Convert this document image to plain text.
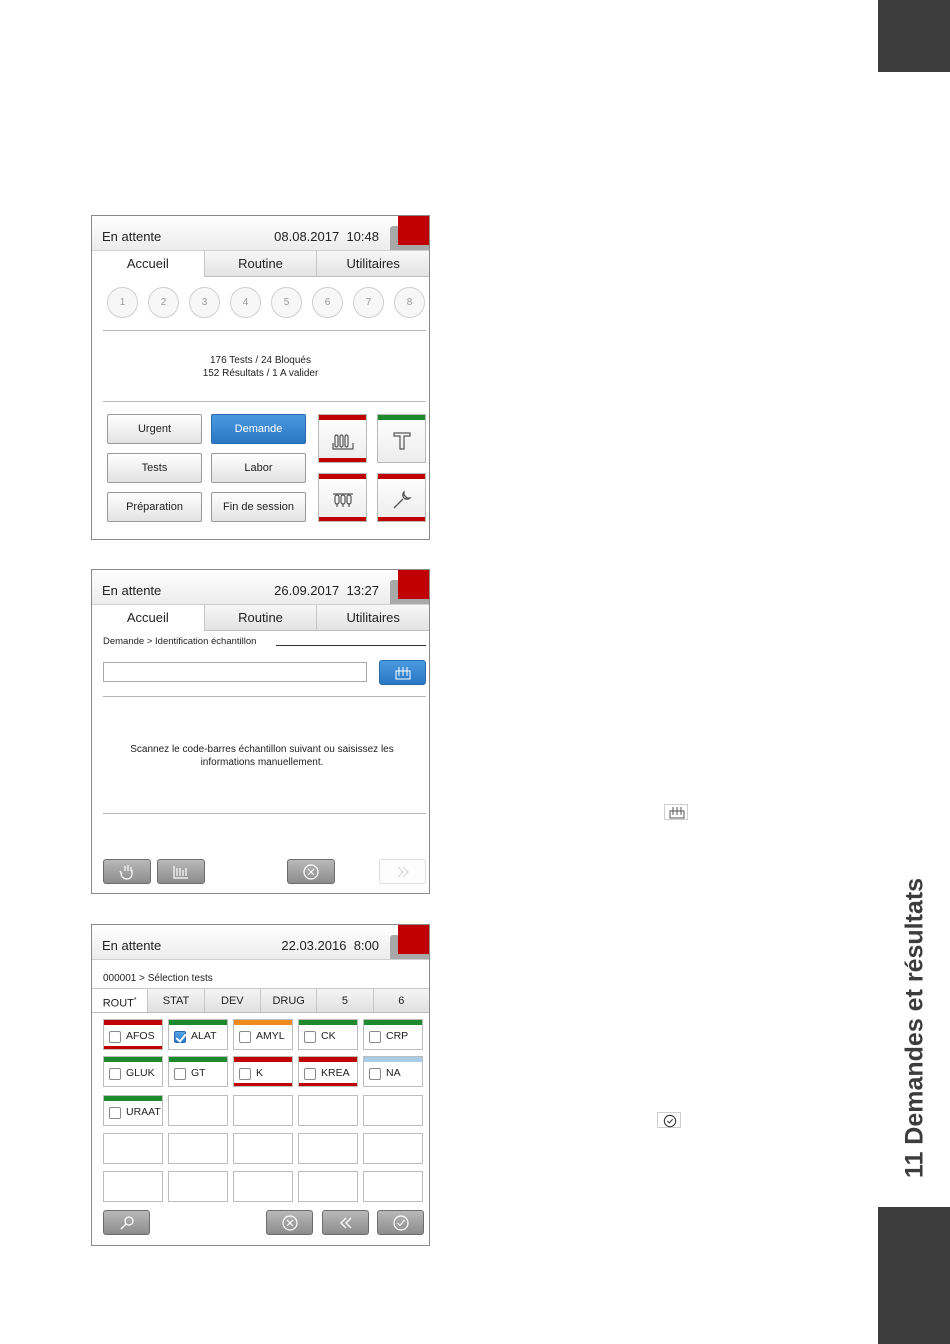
11 Demandes et résultats
En attente	08.08.2017 10:48
Accueil	Routine	Utilitaires
1	2	3	4	5	6	7	8
176 Tests / 24 Bloqués
152 Résultats / 1 A valider
Urgent	Demande
Tests	Labor
Préparation	Fin de session
En attente	26.09.2017 13:27
Accueil	Routine	Utilitaires
Demande > Identification échantillon
Scannez le code-barres échantillon suivant ou saisissez les informations manuellement.
En attente	22.03.2016 8:00
000001 > Sélection tests
ROUT*	STAT	DEV	DRUG	5	6
AFOS	ALAT	AMYL	CK	CRP
GLUK	GT	K	KREA	NA
URAAT
